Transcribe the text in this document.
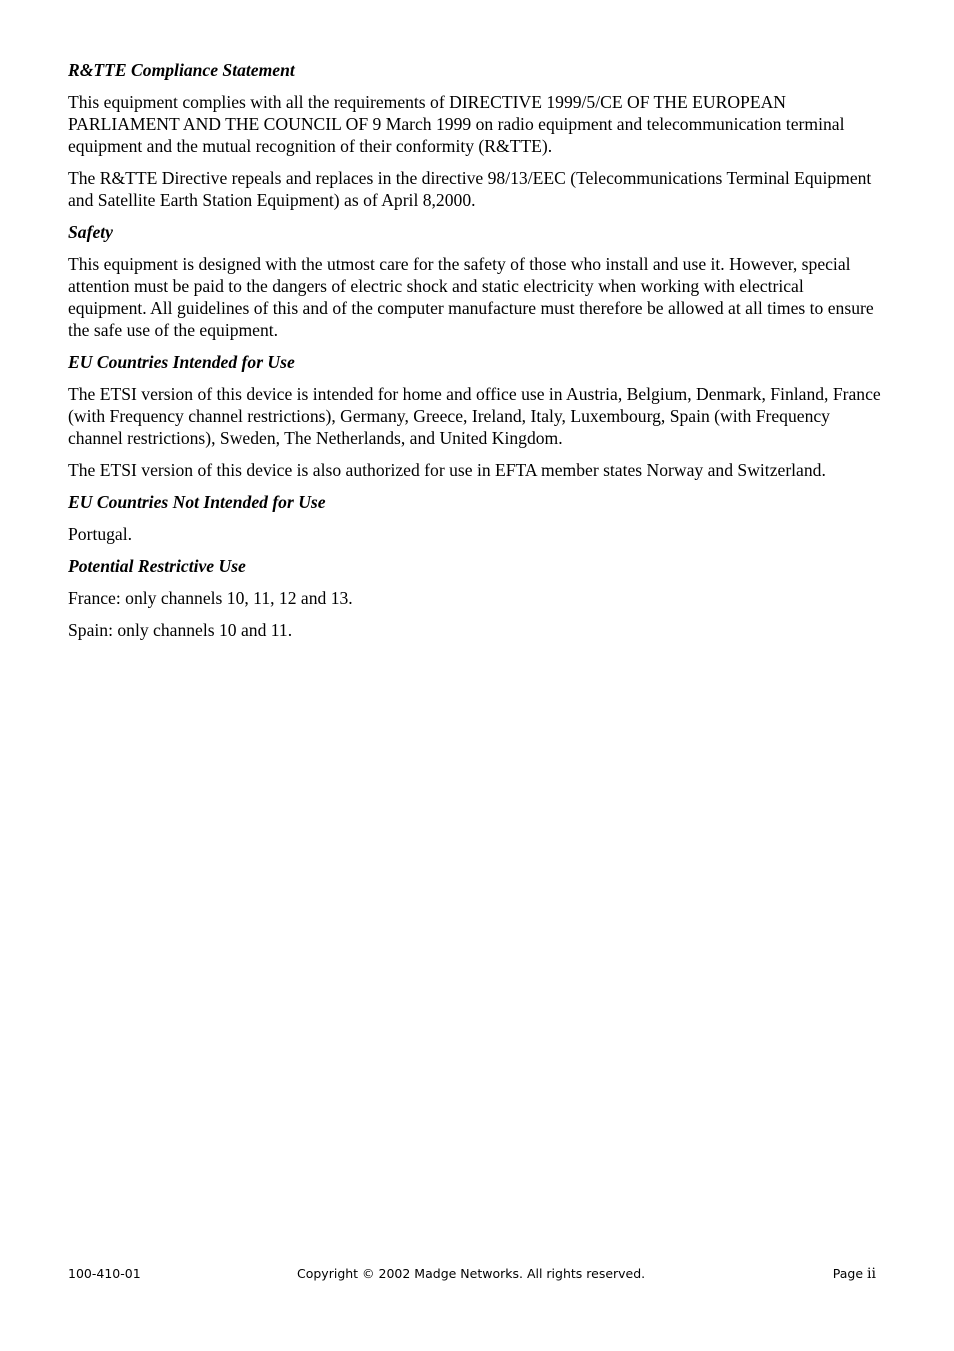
R&TTE Compliance Statement

This equipment complies with all the requirements of DIRECTIVE 1999/5/CE OF THE EUROPEAN PARLIAMENT AND THE COUNCIL OF 9 March 1999 on radio equipment and telecommunication terminal equipment and the mutual recognition of their conformity (R&TTE).

The R&TTE Directive repeals and replaces in the directive 98/13/EEC (Telecommunications Terminal Equipment and Satellite Earth Station Equipment) as of April 8,2000.

Safety

This equipment is designed with the utmost care for the safety of those who install and use it. However, special attention must be paid to the dangers of electric shock and static electricity when working with electrical equipment. All guidelines of this and of the computer manufacture must therefore be allowed at all times to ensure the safe use of the equipment.

EU Countries Intended for Use

The ETSI version of this device is intended for home and office use in Austria, Belgium, Denmark, Finland, France (with Frequency channel restrictions), Germany, Greece, Ireland, Italy, Luxembourg, Spain (with Frequency channel restrictions), Sweden, The Netherlands, and United Kingdom.

The ETSI version of this device is also authorized for use in EFTA member states Norway and Switzerland.

EU Countries Not Intended for Use

Portugal.

Potential Restrictive Use

France: only channels 10, 11, 12 and 13.

Spain: only channels 10 and 11.

100-410-01	Copyright © 2002 Madge Networks. All rights reserved.	Page ii
